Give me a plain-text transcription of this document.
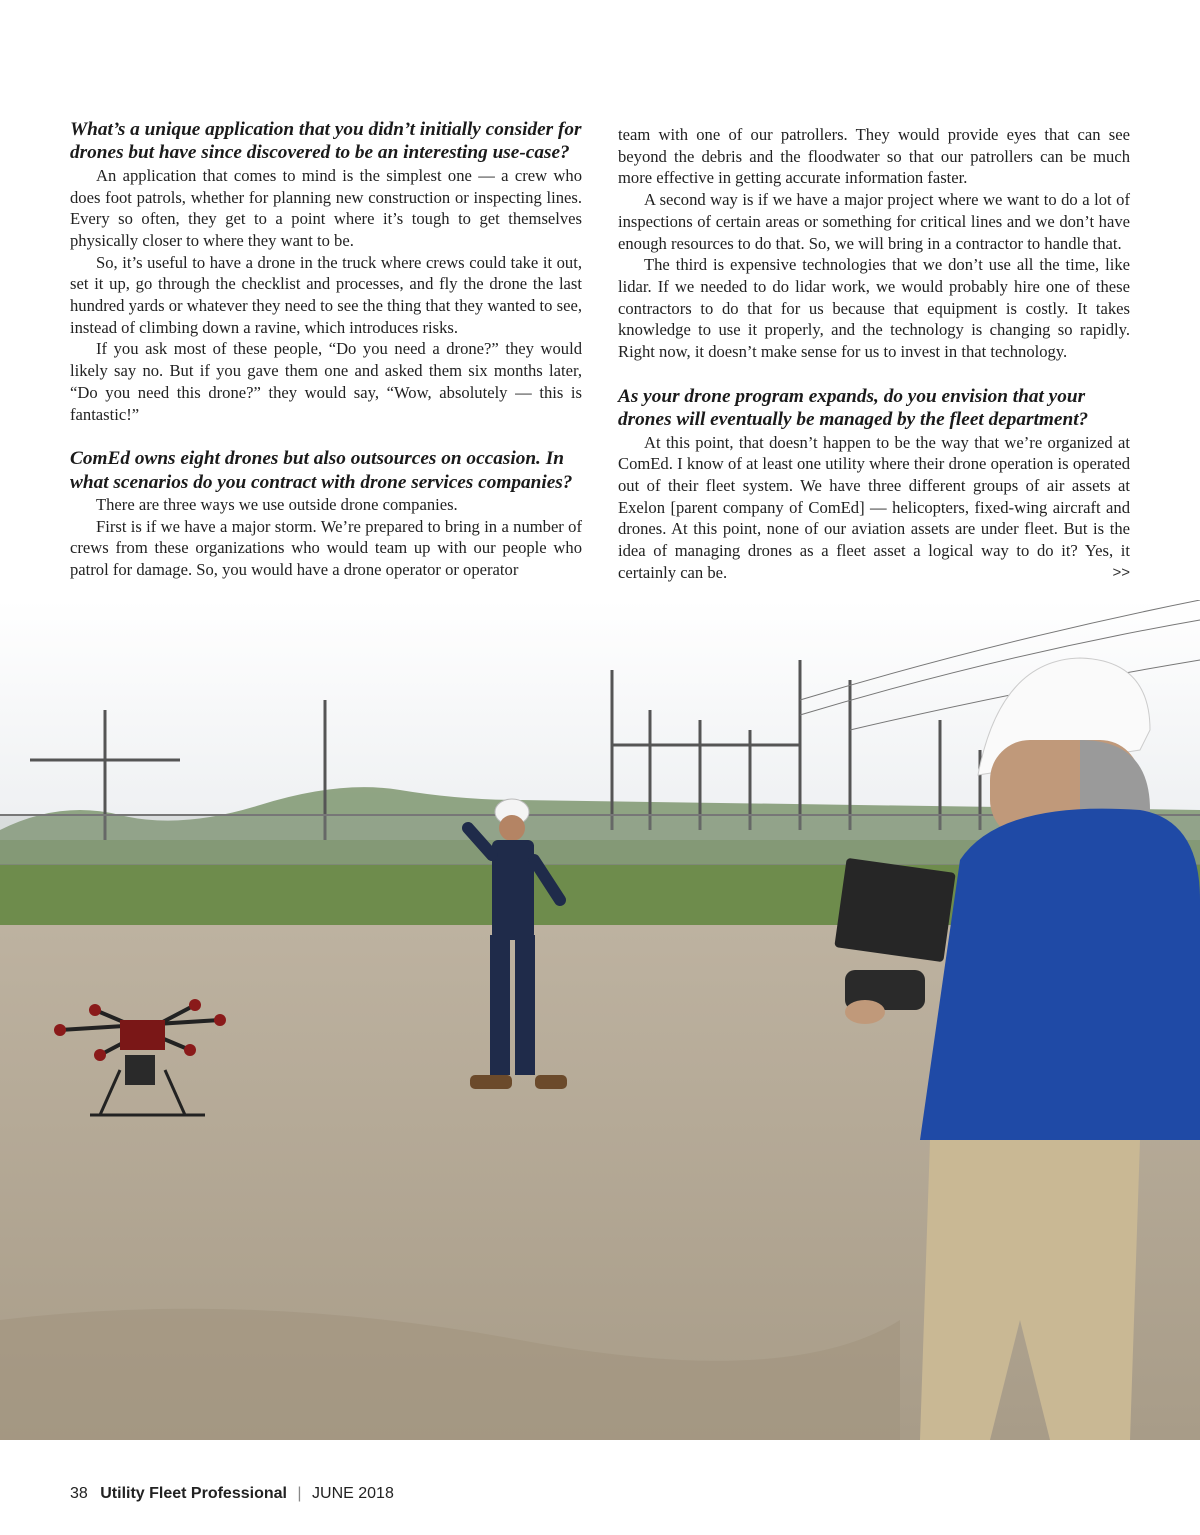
What’s a unique application that you didn’t initially consider for drones but have since discovered to be an interesting use-case?

An application that comes to mind is the simplest one — a crew who does foot patrols, whether for planning new construction or inspecting lines. Every so often, they get to a point where it’s tough to get themselves physically closer to where they want to be.

So, it’s useful to have a drone in the truck where crews could take it out, set it up, go through the checklist and processes, and fly the drone the last hundred yards or whatever they need to see the thing that they wanted to see, instead of climbing down a ravine, which introduces risks.

If you ask most of these people, “Do you need a drone?” they would likely say no. But if you gave them one and asked them six months later, “Do you need this drone?” they would say, “Wow, absolutely — this is fantastic!”

ComEd owns eight drones but also outsources on occasion. In what scenarios do you contract with drone services companies?

There are three ways we use outside drone companies.

First is if we have a major storm. We’re prepared to bring in a number of crews from these organizations who would team up with our people who patrol for damage. So, you would have a drone operator or operator

team with one of our patrollers. They would provide eyes that can see beyond the debris and the floodwater so that our patrollers can be much more effective in getting accurate information faster.

A second way is if we have a major project where we want to do a lot of inspections of certain areas or something for critical lines and we don’t have enough resources to do that. So, we will bring in a contractor to handle that.

The third is expensive technologies that we don’t use all the time, like lidar. If we needed to do lidar work, we would probably hire one of these contractors to do that for us because that equipment is costly. It takes knowledge to use it properly, and the technology is changing so rapidly. Right now, it doesn’t make sense for us to invest in that technology.

As your drone program expands, do you envision that your drones will eventually be managed by the fleet department?

At this point, that doesn’t happen to be the way that we’re organized at ComEd. I know of at least one utility where their drone operation is operated out of their fleet system. We have three different groups of air assets at Exelon [parent company of ComEd] — helicopters, fixed-wing aircraft and drones. At this point, none of our aviation assets are under fleet. But is the idea of managing drones as a fleet asset a logical way to do it? Yes, it certainly can be.	>>
38 Utility Fleet Professional | JUNE 2018
